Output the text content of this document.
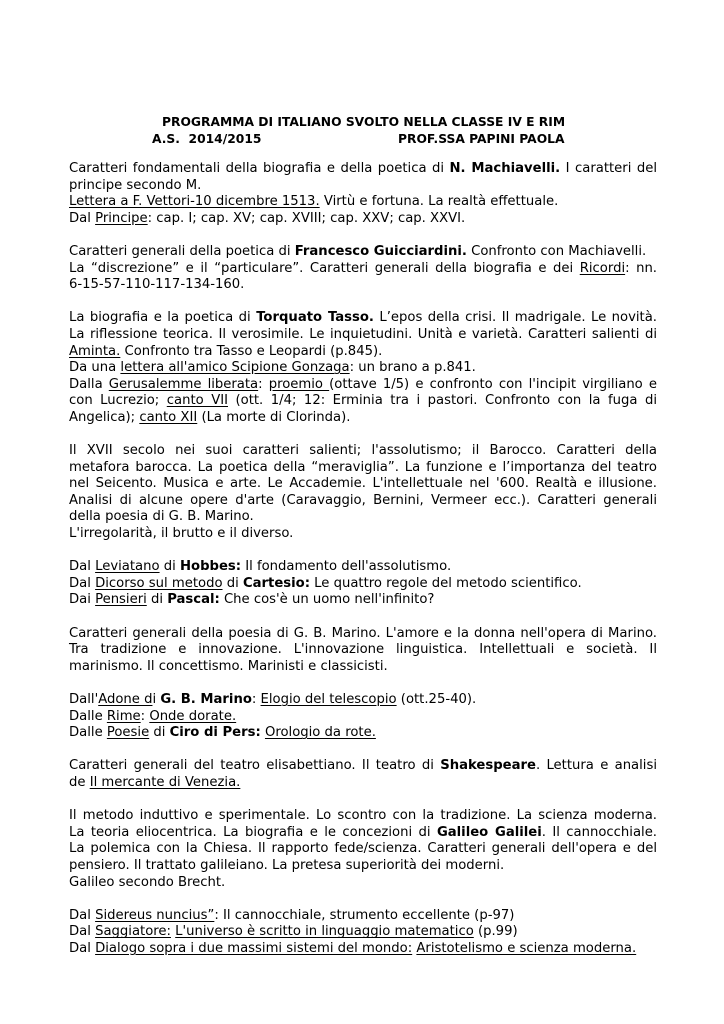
PROGRAMMA DI ITALIANO SVOLTO NELLA CLASSE IV E RIM
A.S.  2014/2015	PROF.SSA PAPINI PAOLA
Caratteri fondamentali della biografia e della poetica di N. Machiavelli. I caratteri del
principe secondo M.
Lettera a F. Vettori-10 dicembre 1513. Virtù e fortuna. La realtà effettuale.
Dal Principe: cap. I; cap. XV; cap. XVIII; cap. XXV; cap. XXVI.
Caratteri generali della poetica di Francesco Guicciardini. Confronto con Machiavelli.
La “discrezione” e il “particulare”. Caratteri generali della biografia e dei Ricordi: nn.
6-15-57-110-117-134-160.
La biografia e la poetica di Torquato Tasso. L’epos della crisi. Il madrigale. Le novità.
La riflessione teorica. Il verosimile. Le inquietudini. Unità e varietà. Caratteri salienti di
Aminta. Confronto tra Tasso e Leopardi (p.845).
Da una lettera all'amico Scipione Gonzaga: un brano a p.841.
Dalla Gerusalemme liberata: proemio (ottave 1/5) e confronto con l'incipit virgiliano e
con Lucrezio; canto VII (ott. 1/4; 12: Erminia tra i pastori. Confronto con la fuga di
Angelica); canto XII (La morte di Clorinda).
Il XVII secolo nei suoi caratteri salienti; l'assolutismo; il Barocco. Caratteri della
metafora barocca. La poetica della “meraviglia”. La funzione e l’importanza del teatro
nel Seicento. Musica e arte. Le Accademie. L'intellettuale nel '600. Realtà e illusione.
Analisi di alcune opere d'arte (Caravaggio, Bernini, Vermeer ecc.). Caratteri generali
della poesia di G. B. Marino.
L'irregolarità, il brutto e il diverso.
Dal Leviatano di Hobbes: Il fondamento dell'assolutismo.
Dal Dicorso sul metodo di Cartesio: Le quattro regole del metodo scientifico.
Dai Pensieri di Pascal: Che cos'è un uomo nell'infinito?
Caratteri generali della poesia di G. B. Marino. L'amore e la donna nell'opera di Marino.
Tra tradizione e innovazione. L'innovazione linguistica. Intellettuali e società. Il
marinismo. Il concettismo. Marinisti e classicisti.
Dall'Adone di G. B. Marino: Elogio del telescopio (ott.25-40).
Dalle Rime: Onde dorate.
Dalle Poesie di Ciro di Pers: Orologio da rote.
Caratteri generali del teatro elisabettiano. Il teatro di Shakespeare. Lettura e analisi
de Il mercante di Venezia.
Il metodo induttivo e sperimentale. Lo scontro con la tradizione. La scienza moderna.
La teoria eliocentrica. La biografia e le concezioni di Galileo Galilei. Il cannocchiale.
La polemica con la Chiesa. Il rapporto fede/scienza. Caratteri generali dell'opera e del
pensiero. Il trattato galileiano. La pretesa superiorità dei moderni.
Galileo secondo Brecht.
Dal Sidereus nuncius”: Il cannocchiale, strumento eccellente (p-97)
Dal Saggiatore: L'universo è scritto in linguaggio matematico (p.99)
Dal Dialogo sopra i due massimi sistemi del mondo: Aristotelismo e scienza moderna.
